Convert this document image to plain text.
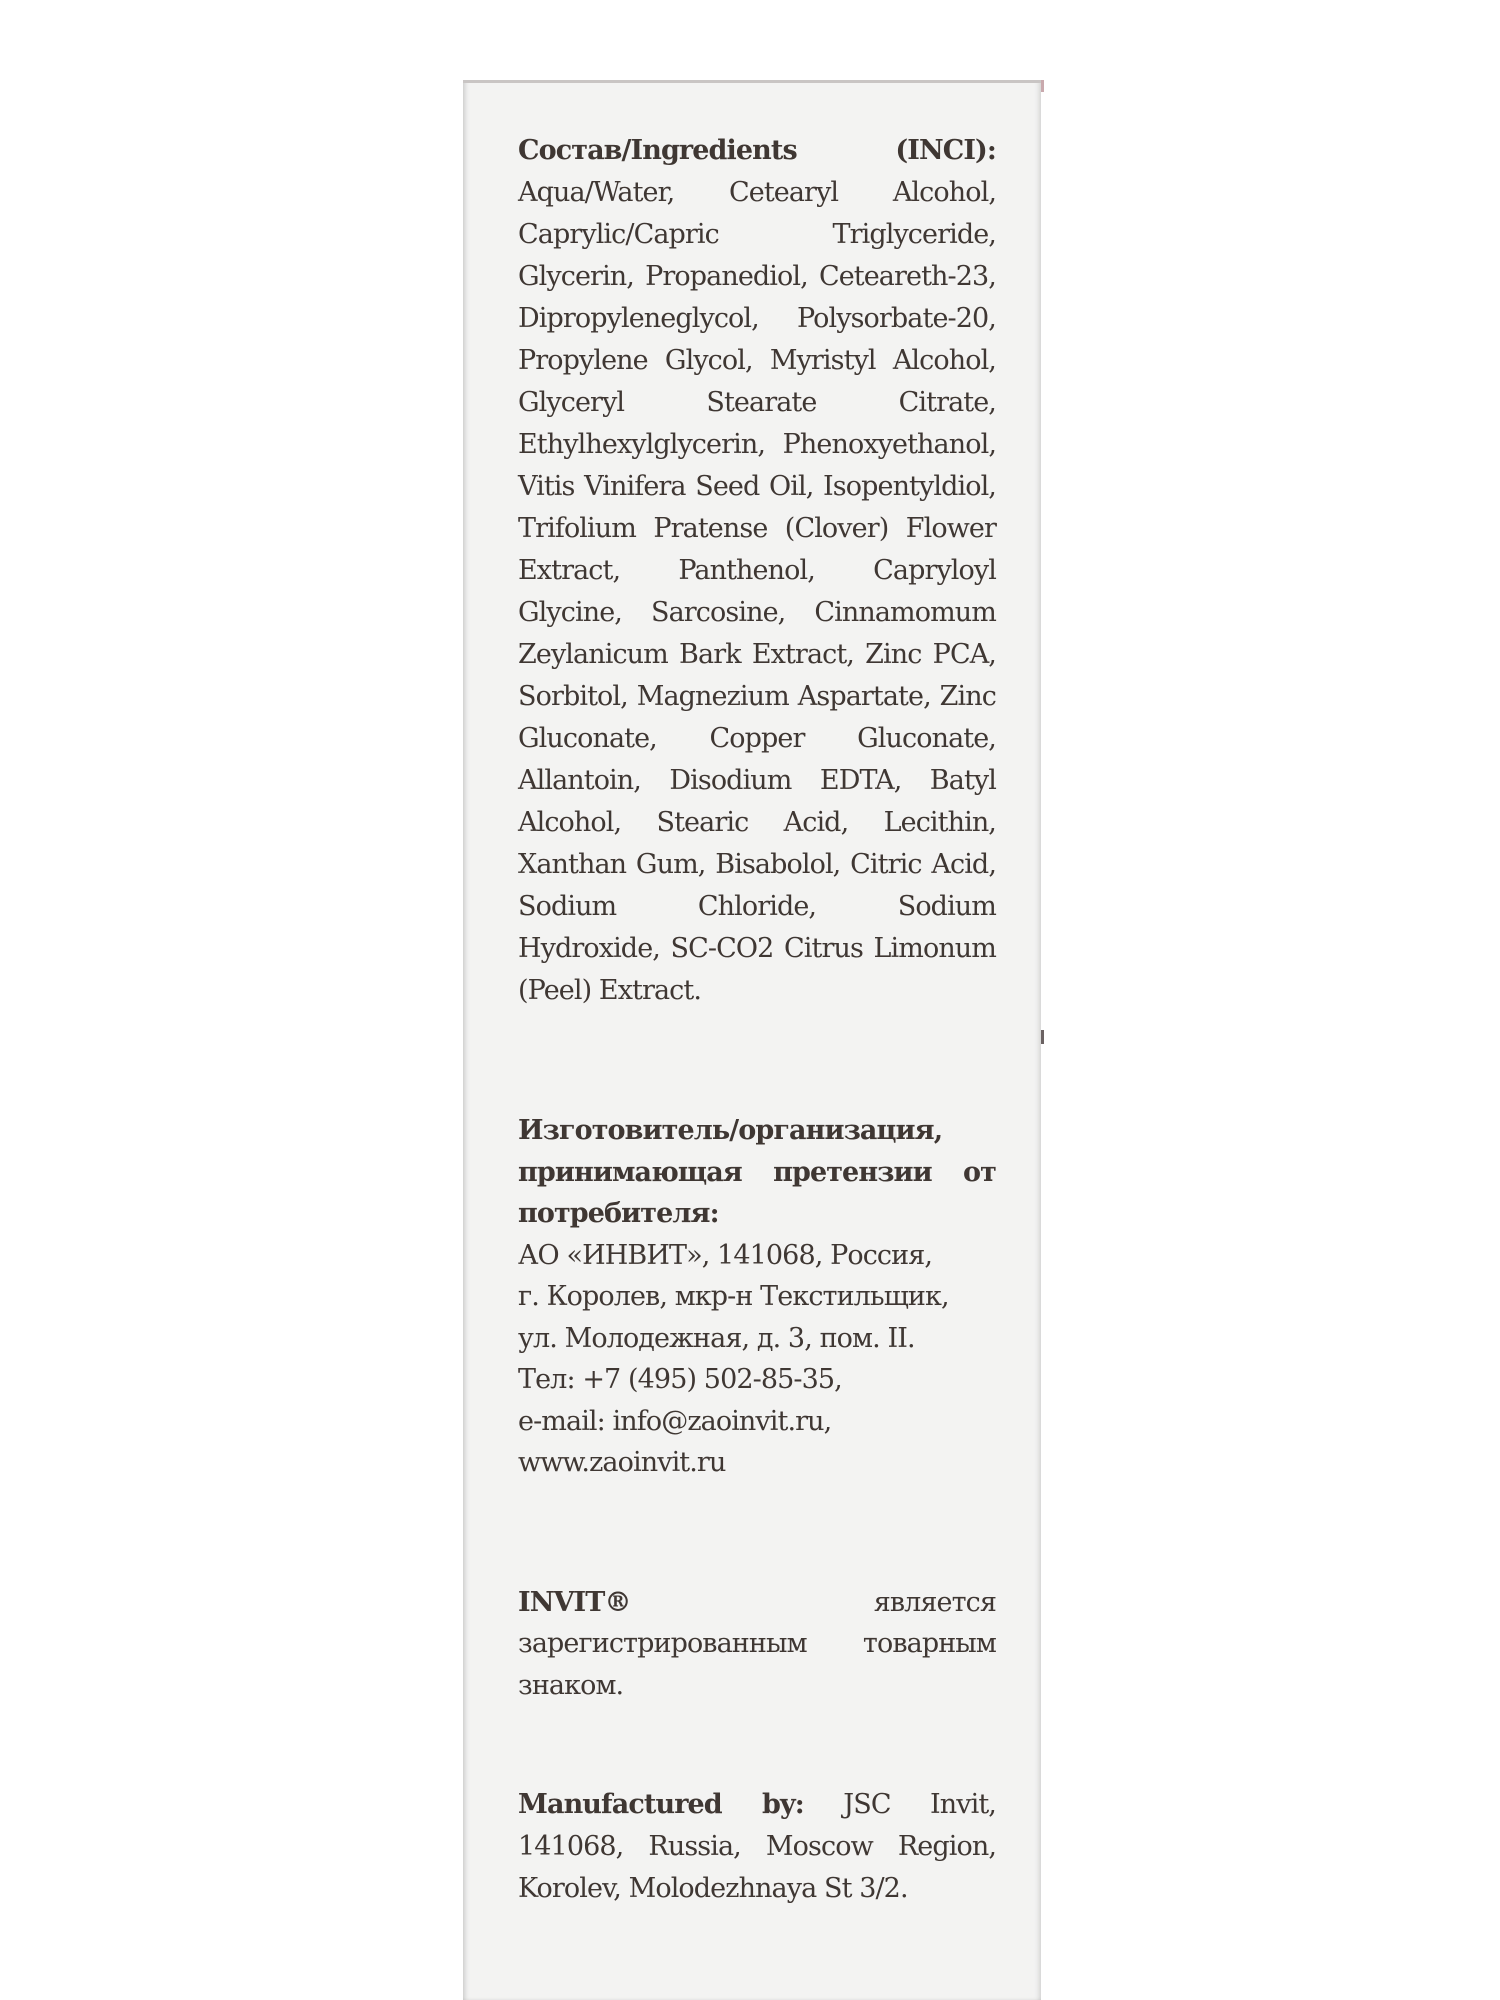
Состав/Ingredients (INCI): Aqua/Water, Cetearyl Alcohol, Caprylic/Capric Triglyceride, Glycerin, Propanediol, Ceteareth-23, Dipropyleneglycol, Polysorbate-20, Propylene Glycol, Myristyl Alcohol, Glyceryl Stearate Citrate, Ethylhexylglycerin, Phenoxyethanol, Vitis Vinifera Seed Oil, Isopentyldiol, Trifolium Pratense (Clover) Flower Extract, Panthenol, Capryloyl Glycine, Sarcosine, Cinnamomum Zeylanicum Bark Extract, Zinc PCA, Sorbitol, Magnezium Aspartate, Zinc Gluconate, Copper Gluconate, Allantoin, Disodium EDTA, Batyl Alcohol, Stearic Acid, Lecithin, Xanthan Gum, Bisabolol, Citric Acid, Sodium Chloride, Sodium Hydroxide, SC-CO2 Citrus Limonum (Peel) Extract.

Изготовитель/организация, принимающая претензии от потребителя:

АО «ИНВИТ», 141068, Россия,

г. Королев, мкр-н Текстильщик,

ул. Молодежная, д. 3, пом. II.

Тел: +7 (495) 502-85-35,

e-mail: info@zaoinvit.ru,

www.zaoinvit.ru

INVIT®	является зарегистрированным товарным знаком.

Manufactured by: JSC Invit, 141068, Russia, Moscow Region, Korolev, Molodezhnaya St 3/2.
